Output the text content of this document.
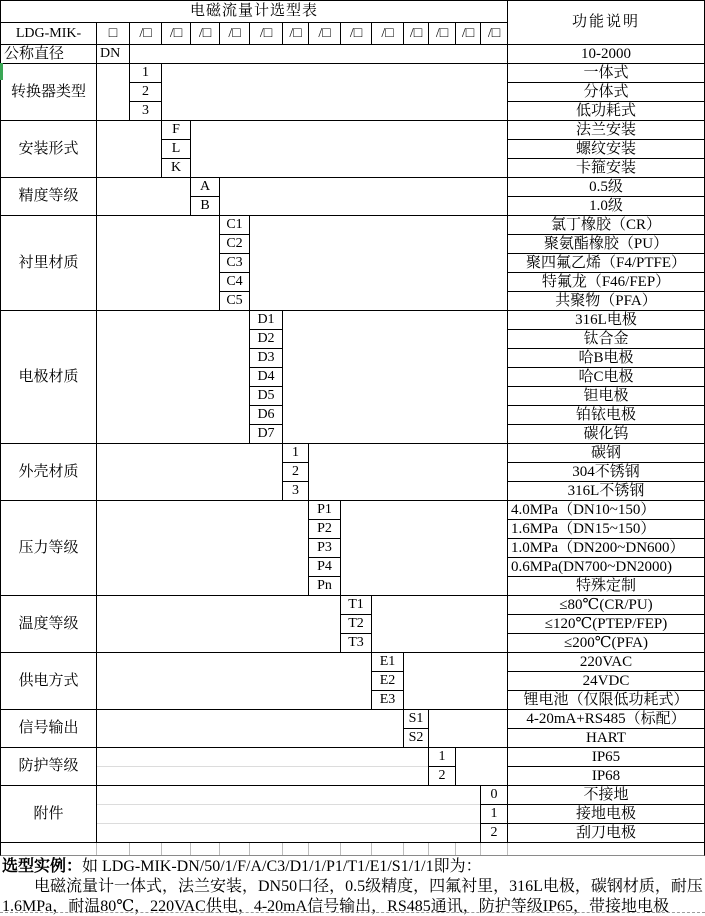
电磁流量计选型表
功能说明
LDG-MIK-	□	/□	/□	/□	/□	/□	/□	/□	/□	/□	/□ /□ /□ /□
公称直径	DN	10-2000
转换器类型
1	一体式
2	分体式
3	低功耗式
安装形式
F	法兰安装
L	螺纹安装
K	卡箍安装
精度等级
A	0.5级
B	1.0级
衬里材质
C1	氯丁橡胶（CR）
C2	聚氨酯橡胶（PU）
C3	聚四氟乙烯（F4/PTFE）
C4	特氟龙（F46/FEP）
C5	共聚物（PFA）
电极材质
D1	316L电极
D2	钛合金
D3	哈B电极
D4	哈C电极
D5	钽电极
D6	铂铱电极
D7	碳化钨
外壳材质
1	碳钢
2	304不锈钢
3	316L不锈钢
压力等级
P1	4.0MPa（DN10~150）
P2	1.6MPa（DN15~150）
P3	1.0MPa（DN200~DN600）
P4	0.6MPa(DN700~DN2000)
Pn	特殊定制
温度等级
T1	≤80℃(CR/PU)
T2	≤120℃(PTEP/FEP)
T3	≤200℃(PFA)
供电方式
E1	220VAC
E2	24VDC
E3	锂电池（仅限低功耗式）
信号输出
S1	4-20mA+RS485（标配）
S2	HART
防护等级
1	IP65
2	IP68
附件
0	不接地
1	接地电极
2	刮刀电极
选型实例：如 LDG-MIK-DN/50/1/F/A/C3/D1/1/P1/T1/E1/S1/1/1即为：
电磁流量计一体式，法兰安装，DN50口径，0.5级精度，四氟衬里，316L电极，碳钢材质，耐压
1.6MPa，耐温80℃，220VAC供电，4-20mA信号输出，RS485通讯，防护等级IP65，带接地电极
